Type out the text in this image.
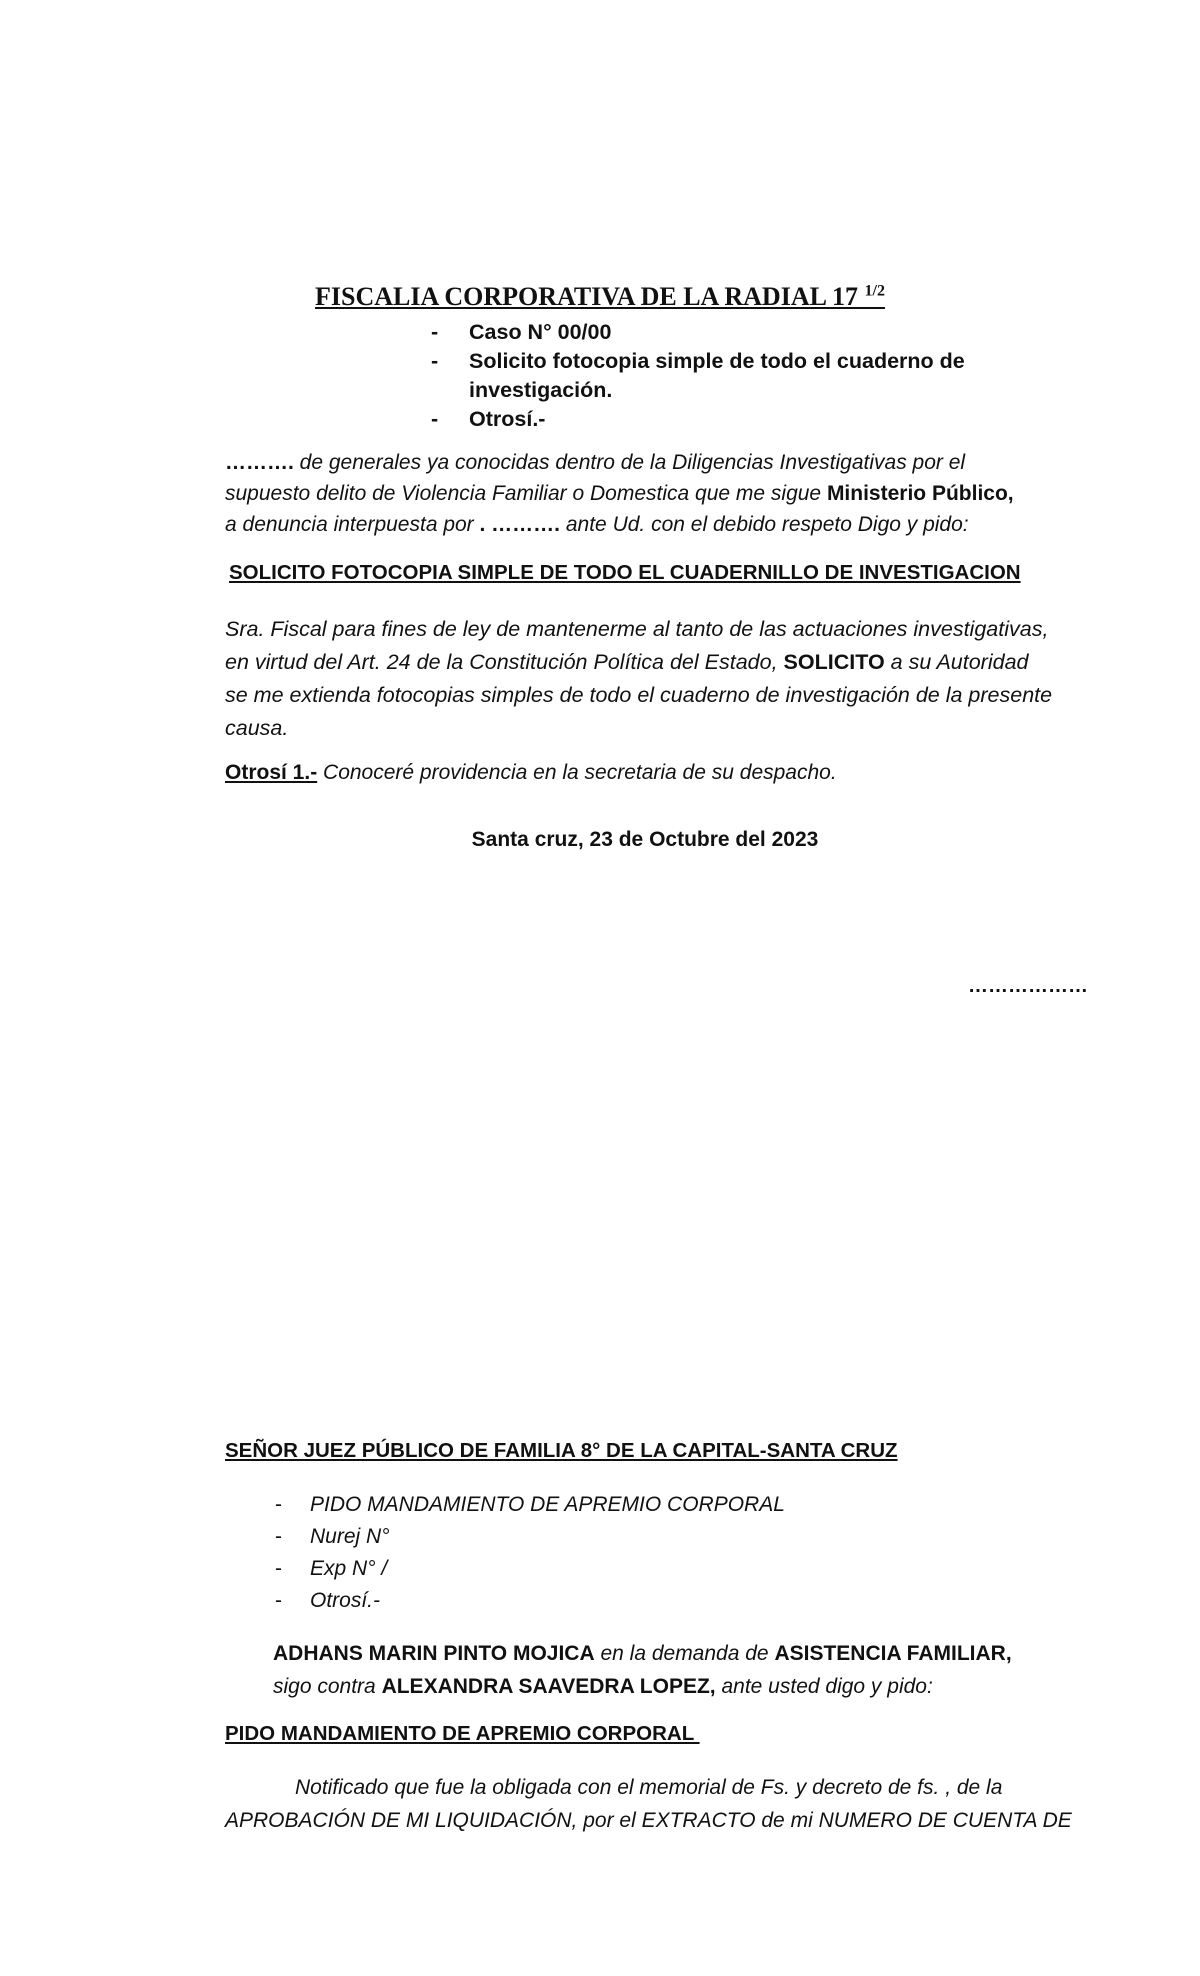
FISCALIA CORPORATIVA DE LA RADIAL 17 $^{1/2}$
- Caso N° 00/00
- Solicito fotocopia simple de todo el cuaderno de
investigación.
- Otrosí.-
………. de generales ya conocidas dentro de la Diligencias Investigativas por el
supuesto delito de Violencia Familiar o Domestica que me sigue Ministerio Público,
a denuncia interpuesta por . ………. ante Ud. con el debido respeto Digo y pido:
SOLICITO FOTOCOPIA SIMPLE DE TODO EL CUADERNILLO DE INVESTIGACION
Sra. Fiscal para fines de ley de mantenerme al tanto de las actuaciones investigativas,
en virtud del Art. 24 de la Constitución Política del Estado, SOLICITO a su Autoridad
se me extienda fotocopias simples de todo el cuaderno de investigación de la presente
causa.
Otrosí 1.- Conoceré providencia en la secretaria de su despacho.
Santa cruz, 23 de Octubre del 2023
………………
SEÑOR JUEZ PÚBLICO DE FAMILIA 8° DE LA CAPITAL-SANTA CRUZ
- PIDO MANDAMIENTO DE APREMIO CORPORAL
- Nurej N°
- Exp N° /
- Otrosí.-
ADHANS MARIN PINTO MOJICA en la demanda de ASISTENCIA FAMILIAR,
sigo contra ALEXANDRA SAAVEDRA LOPEZ, ante usted digo y pido:
PIDO MANDAMIENTO DE APREMIO CORPORAL
Notificado que fue la obligada con el memorial de Fs. y decreto de fs. , de la
APROBACIÓN DE MI LIQUIDACIÓN, por el EXTRACTO de mi NUMERO DE CUENTA DE
